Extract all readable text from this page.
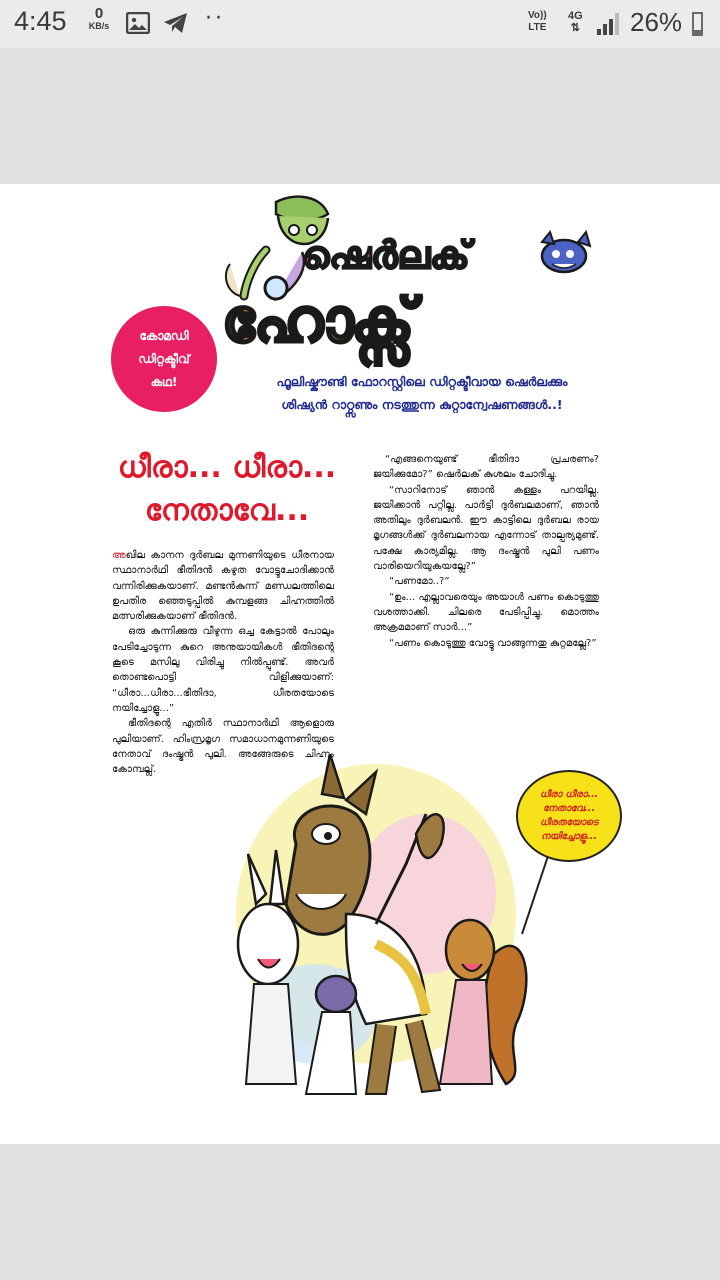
4:45	0
KB/s	··	Vo))
LTE
4G
⇅ 26%
ഷെർലക്
ഹോക്സ്
കോമഡി
ഡിറ്റക്ടീവ്
കഥ!	ഫൂലിഷ്കൗണ്ടി ഫോറസ്റ്റിലെ ഡിറ്റക്ടീവായ ഷെർലക്കും
ശിഷ്യൻ റാറ്റ്സണും നടത്തുന്ന കുറ്റാന്വേഷണങ്ങൾ..!
ധീരാ... ധീരാ...
നേതാവേ...

അഖില കാനന ദുർബല മുന്നണിയുടെ ധീരനായ സ്ഥാനാർഥി ഭീതിദൻ കഴുത വോട്ടുചോദിക്കാൻ വന്നിരിക്കുകയാണ്. മണ്ടൻകുന്ന് മണ്ഡലത്തിലെ ഉപതിര ഞ്ഞെടുപ്പിൽ കുമ്പളങ്ങ ചിഹ്നത്തിൽ മത്സരിക്കുകയാണ് ഭീതിദൻ.

ഒരു കുന്നിക്കുരു വീഴുന്ന ഒച്ച കേട്ടാൽ പോലും പേടിച്ചോടുന്ന കുറെ അനുയായികൾ ഭീതിദന്റെ കൂടെ മസിലു വിരിച്ചു നിൽപ്പുണ്ട്. അവർ തൊണ്ടപൊട്ടി വിളിക്കുയാണ്: “ധീരാ...ധീരാ...ഭീതിദാ, ധീരതയോടെ നയിച്ചോളൂ...”

ഭീതിദന്റെ എതിർ സ്ഥാനാർഥി ആളൊരു പുലിയാണ്. ഹിംസ്രമൃഗ സമാധാനമുന്നണിയുടെ നേതാവ് ദംഷ്ട്രൻ പുലി. അങ്ങേരുടെ ചിഹ്നം കോമ്പല്ല്.

“എങ്ങനെയുണ്ട് ഭീതിദാ പ്രചരണം? ജയിക്കുമോ?” ഷെർലക് കുശലം ചോദിച്ചു.

“സാറിനോട് ഞാൻ കള്ളം പറയില്ല. ജയിക്കാൻ പറ്റില്ല. പാർട്ടി ദുർബലമാണ്, ഞാൻ അതിലും ദുർബലൻ. ഈ കാട്ടിലെ ദുർബല രായ മൃഗങ്ങൾക്ക് ദുർബലനായ എന്നോട് താല്പര്യമുണ്ട്. പക്ഷേ കാര്യമില്ല. ആ ദംഷ്ട്രൻ പുലി പണം വാരിയെറിയുകയല്ലേ?”

“പണമോ..?”

“ഉം... എല്ലാവരെയും അയാൾ പണം കൊടുത്തു വശത്താക്കി. ചിലരെ പേടിപ്പിച്ചു. മൊത്തം അക്രമമാണ് സാർ...”

“പണം കൊടുത്തു വോട്ടു വാങ്ങുന്നതു കുറ്റമല്ലേ?”

ധീരാ ധീരാ...
നേതാവേ...
ധീരതയോടെ
നയിച്ചോളൂ...
